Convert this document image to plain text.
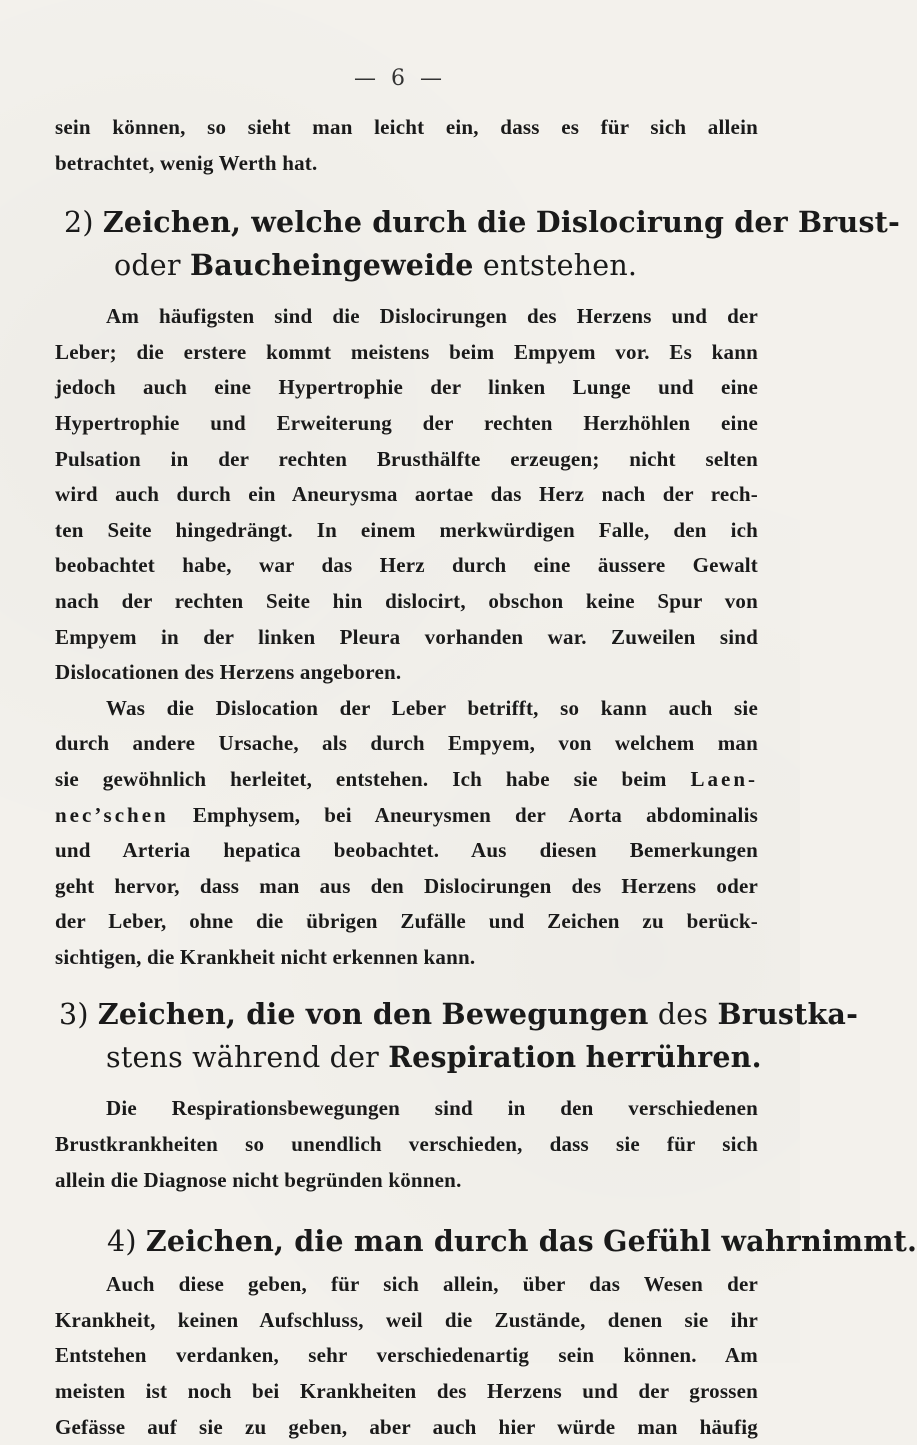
— 6 —
sein können, so sieht man leicht ein, dass es für sich allein
betrachtet, wenig Werth hat.
2) Zeichen, welche durch die Dislocirung der Brust-
oder Baucheingeweide entstehen.
Am häufigsten sind die Dislocirungen des Herzens und der
Leber; die erstere kommt meistens beim Empyem vor. Es kann
jedoch auch eine Hypertrophie der linken Lunge und eine
Hypertrophie und Erweiterung der rechten Herzhöhlen eine
Pulsation in der rechten Brusthälfte erzeugen; nicht selten
wird auch durch ein Aneurysma aortae das Herz nach der rech-
ten Seite hingedrängt. In einem merkwürdigen Falle, den ich
beobachtet habe, war das Herz durch eine äussere Gewalt
nach der rechten Seite hin dislocirt, obschon keine Spur von
Empyem in der linken Pleura vorhanden war. Zuweilen sind
Dislocationen des Herzens angeboren.
Was die Dislocation der Leber betrifft, so kann auch sie
durch andere Ursache, als durch Empyem, von welchem man
sie gewöhnlich herleitet, entstehen. Ich habe sie beim Laen-
nec’schen Emphysem, bei Aneurysmen der Aorta abdominalis
und Arteria hepatica beobachtet. Aus diesen Bemerkungen
geht hervor, dass man aus den Dislocirungen des Herzens oder
der Leber, ohne die übrigen Zufälle und Zeichen zu berück-
sichtigen, die Krankheit nicht erkennen kann.
3) Zeichen, die von den Bewegungen des Brustka-
stens während der Respiration herrühren.
Die Respirationsbewegungen sind in den verschiedenen
Brustkrankheiten so unendlich verschieden, dass sie für sich
allein die Diagnose nicht begründen können.
4) Zeichen, die man durch das Gefühl wahrnimmt.
Auch diese geben, für sich allein, über das Wesen der
Krankheit, keinen Aufschluss, weil die Zustände, denen sie ihr
Entstehen verdanken, sehr verschiedenartig sein können. Am
meisten ist noch bei Krankheiten des Herzens und der grossen
Gefässe auf sie zu geben, aber auch hier würde man häufig
